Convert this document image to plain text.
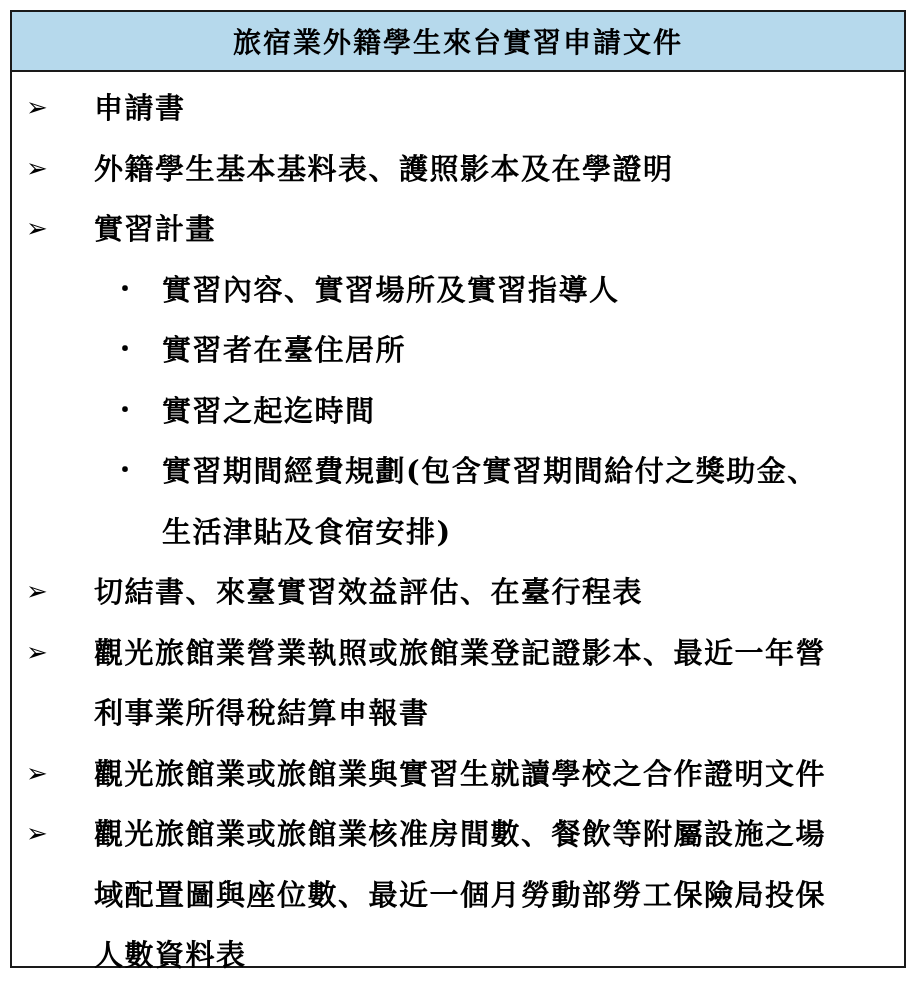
旅宿業外籍學生來台實習申請文件
➢ 申請書
➢ 外籍學生基本基料表、護照影本及在學證明
➢ 實習計畫
・ 實習內容、實習場所及實習指導人
・ 實習者在臺住居所
・ 實習之起迄時間
・ 實習期間經費規劃(包含實習期間給付之獎助金、
生活津貼及食宿安排)
➢ 切結書、來臺實習效益評估、在臺行程表
➢ 觀光旅館業營業執照或旅館業登記證影本、最近一年營
利事業所得稅結算申報書
➢ 觀光旅館業或旅館業與實習生就讀學校之合作證明文件
➢ 觀光旅館業或旅館業核准房間數、餐飲等附屬設施之場
域配置圖與座位數、最近一個月勞動部勞工保險局投保
人數資料表
